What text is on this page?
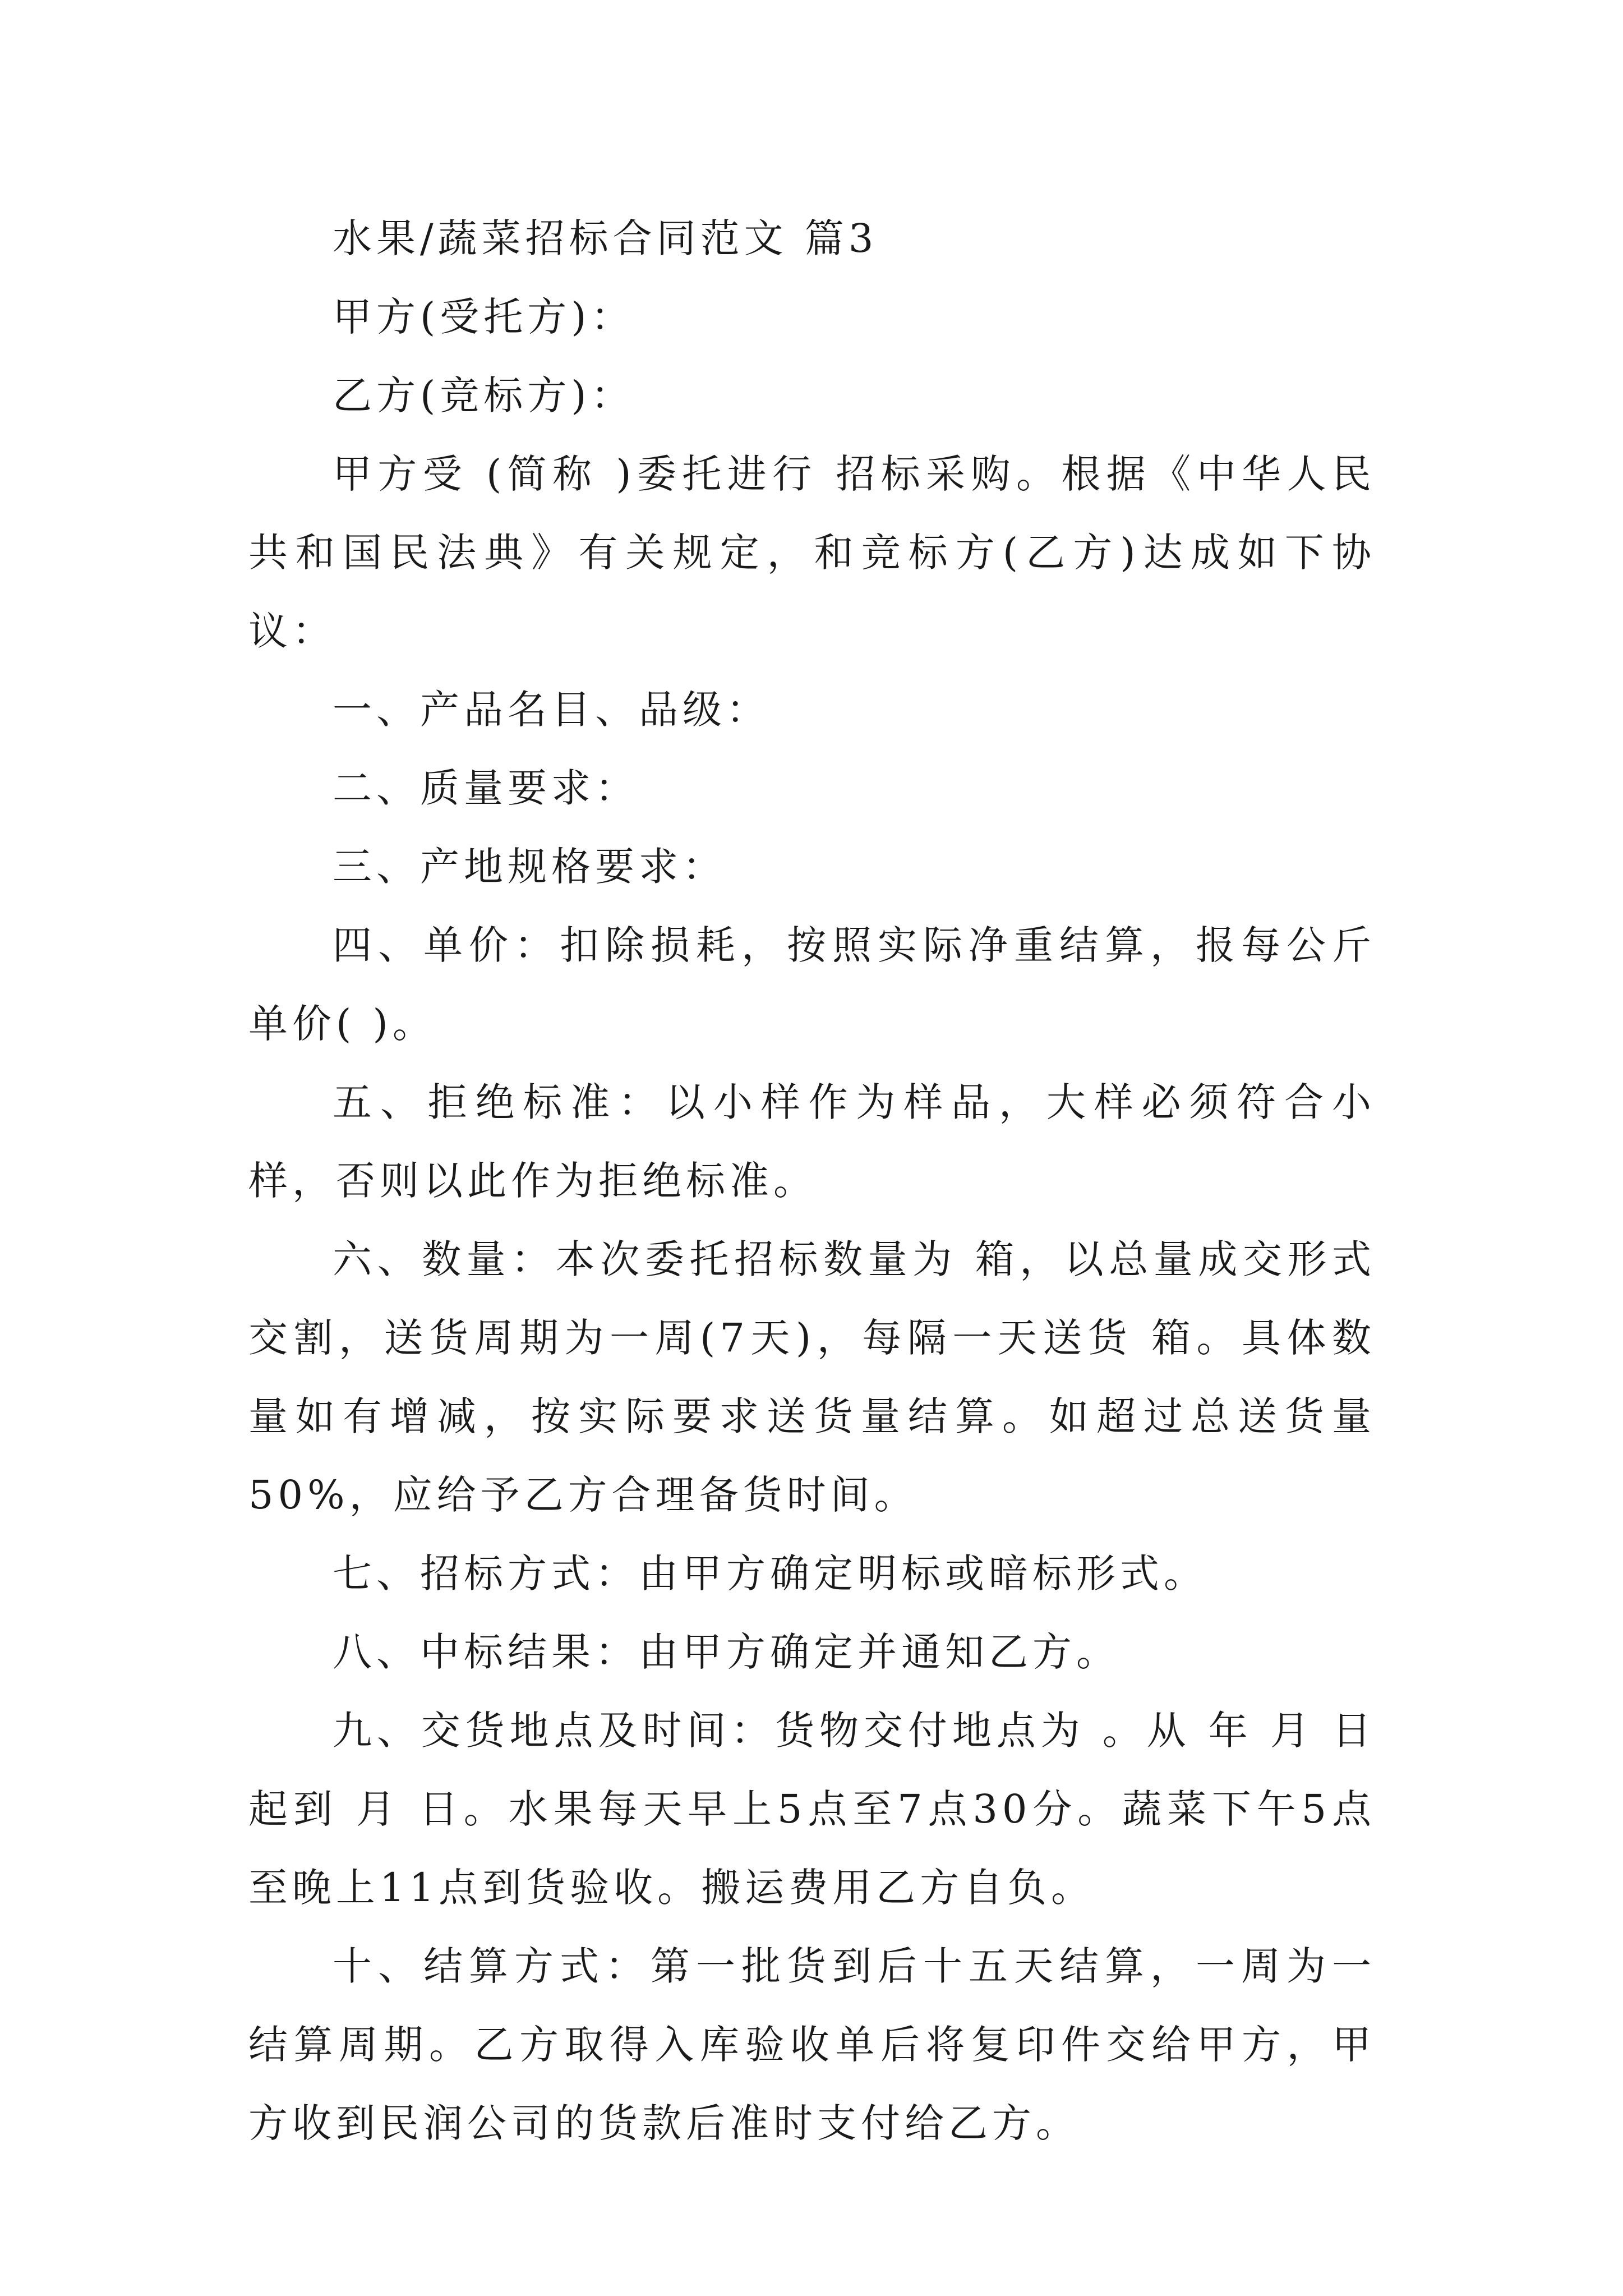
水果/蔬菜招标合同范文 篇3

甲方(受托方)：

乙方(竞标方)：

甲方受 (简称 )委托进行 招标采购。根据《中华人民共和国民法典》有关规定，和竞标方(乙方)达成如下协议：

一、产品名目、品级：

二、质量要求：

三、产地规格要求：

四、单价：扣除损耗，按照实际净重结算，报每公斤单价( )。

五、拒绝标准：以小样作为样品，大样必须符合小样，否则以此作为拒绝标准。

六、数量：本次委托招标数量为 箱，以总量成交形式交割，送货周期为一周(7天)，每隔一天送货 箱。具体数量如有增减，按实际要求送货量结算。如超过总送货量50%，应给予乙方合理备货时间。

七、招标方式：由甲方确定明标或暗标形式。

八、中标结果：由甲方确定并通知乙方。

九、交货地点及时间：货物交付地点为 。从 年 月 日起到 月 日。水果每天早上5点至7点30分。蔬菜下午5点至晚上11点到货验收。搬运费用乙方自负。

十、结算方式：第一批货到后十五天结算，一周为一结算周期。乙方取得入库验收单后将复印件交给甲方，甲方收到民润公司的货款后准时支付给乙方。
